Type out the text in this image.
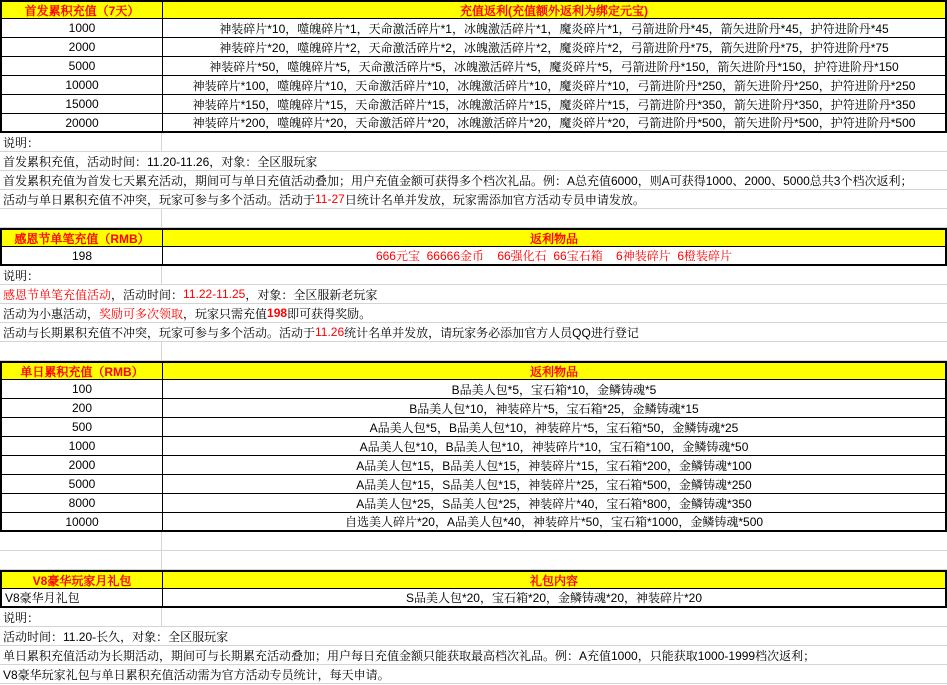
首发累积充值（7天）	充值返利(充值额外返利为绑定元宝)
1000	神装碎片*10，噬魄碎片*1，天命激活碎片*1，冰魄激活碎片*1，魔炎碎片*1，弓箭进阶丹*45，箭矢进阶丹*45，护符进阶丹*45
2000	神装碎片*20，噬魄碎片*2，天命激活碎片*2，冰魄激活碎片*2，魔炎碎片*2，弓箭进阶丹*75，箭矢进阶丹*75，护符进阶丹*75
5000	神装碎片*50，噬魄碎片*5，天命激活碎片*5，冰魄激活碎片*5，魔炎碎片*5，弓箭进阶丹*150，箭矢进阶丹*150，护符进阶丹*150
10000	神装碎片*100，噬魄碎片*10，天命激活碎片*10，冰魄激活碎片*10，魔炎碎片*10，弓箭进阶丹*250，箭矢进阶丹*250，护符进阶丹*250
15000	神装碎片*150，噬魄碎片*15，天命激活碎片*15，冰魄激活碎片*15，魔炎碎片*15，弓箭进阶丹*350，箭矢进阶丹*350，护符进阶丹*350
20000	神装碎片*200，噬魄碎片*20，天命激活碎片*20，冰魄激活碎片*20，魔炎碎片*20，弓箭进阶丹*500，箭矢进阶丹*500，护符进阶丹*500
说明：
首发累积充值，活动时间：11.20-11.26，对象：全区服玩家
首发累积充值为首发七天累充活动，期间可与单日充值活动叠加；用户充值金额可获得多个档次礼品。例：A总充值6000，则A可获得1000、2000、5000总共3个档次返利；
活动与单日累积充值不冲突，玩家可参与多个活动。活动于 11-27 日统计名单并发放，玩家需添加官方活动专员申请发放。
感恩节单笔充值（RMB）	返利物品
198	666元宝  66666金币    66强化石  66宝石箱    6神装碎片  6橙装碎片
说明：
感恩节单笔充值活动 ，活动时间： 11.22-11.25 ，对象：全区服新老玩家
活动为小惠活动， 奖励可多次领取 ，玩家只需充值 198 即可获得奖励。
活动与长期累积充值不冲突，玩家可参与多个活动。活动于 11.26 统计名单并发放，请玩家务必添加官方人员QQ进行登记
单日累积充值（RMB）	返利物品
100	B品美人包*5，宝石箱*10，金鳞铸魂*5
200	B品美人包*10，神装碎片*5，宝石箱*25，金鳞铸魂*15
500	A品美人包*5，B品美人包*10，神装碎片*5，宝石箱*50，金鳞铸魂*25
1000	A品美人包*10，B品美人包*10，神装碎片*10，宝石箱*100，金鳞铸魂*50
2000	A品美人包*15，B品美人包*15，神装碎片*15，宝石箱*200，金鳞铸魂*100
5000	A品美人包*15，S品美人包*15，神装碎片*25，宝石箱*500，金鳞铸魂*250
8000	A品美人包*25，S品美人包*25，神装碎片*40，宝石箱*800，金鳞铸魂*350
10000	自选美人碎片*20，A品美人包*40，神装碎片*50，宝石箱*1000，金鳞铸魂*500
V8豪华玩家月礼包	礼包内容
V8豪华月礼包	S品美人包*20，宝石箱*20，金鳞铸魂*20，神装碎片*20
说明：
活动时间：11.20-长久，对象：全区服玩家
单日累积充值活动为长期活动，期间可与长期累充活动叠加；用户每日充值金额只能获取最高档次礼品。例：A充值1000，只能获取1000-1999档次返利；
V8豪华玩家礼包与单日累积充值活动需为官方活动专员统计，每天申请。
